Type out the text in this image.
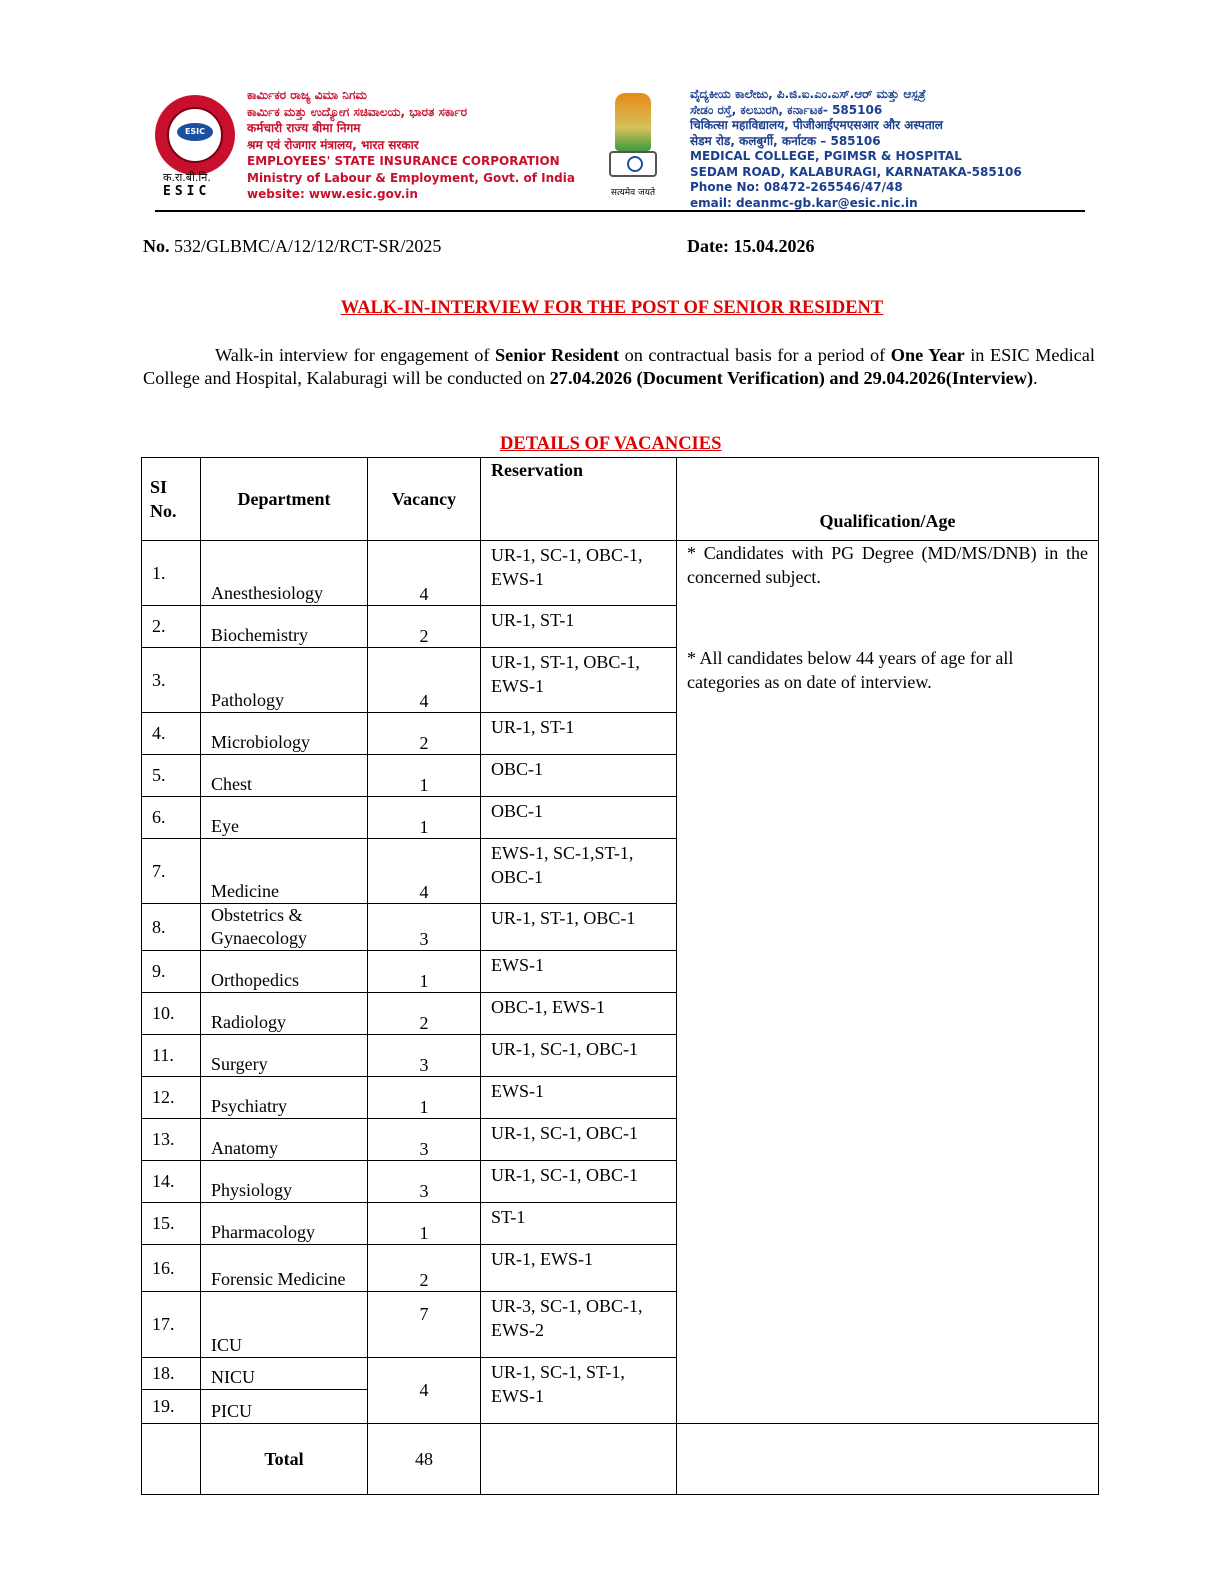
ESIC
क.रा.बी.नि.
ESIC
ಕಾರ್ಮಿಕರ ರಾಜ್ಯ ವಿಮಾ ನಿಗಮ
ಕಾರ್ಮಿಕ ಮತ್ತು ಉದ್ಯೋಗ ಸಚಿವಾಲಯ, ಭಾರತ ಸರ್ಕಾರ
कर्मचारी राज्य बीमा निगम
श्रम एवं रोजगार मंत्रालय, भारत सरकार
EMPLOYEES' STATE INSURANCE CORPORATION
Ministry of Labour & Employment, Govt. of India
website: www.esic.gov.in	सत्यमेव जयते
ವೈದ್ಯಕೀಯ ಕಾಲೇಜು, ಪಿ.ಜಿ.ಐ.ಎಂ.ಎಸ್.ಆರ್ ಮತ್ತು ಆಸ್ಪತ್ರೆ
ಸೇಡಂ ರಸ್ತೆ, ಕಲಬುರಗಿ, ಕರ್ನಾಟಕ- 585106
चिकित्सा महाविद्यालय, पीजीआईएमएसआर और अस्पताल
सेडम रोड, कलबुर्गी, कर्नाटक – 585106
MEDICAL COLLEGE, PGIMSR & HOSPITAL
SEDAM ROAD, KALABURAGI, KARNATAKA-585106
Phone No: 08472-265546/47/48
email: deanmc-gb.kar@esic.nic.in
No. 532/GLBMC/A/12/12/RCT-SR/2025	Date: 15.04.2026
WALK-IN-INTERVIEW FOR THE POST OF SENIOR RESIDENT
Walk-in interview for engagement of Senior Resident on contractual basis for a period of One Year in ESIC Medical College and Hospital, Kalaburagi will be conducted on 27.04.2026 (Document Verification) and 29.04.2026(Interview).
DETAILS OF VACANCIES
SI
No.	Department	Vacancy	Reservation	Qualification/Age
1.	Anesthesiology	4	UR-1, SC-1, OBC-1, EWS-1	* Candidates with PG Degree (MD/MS/DNB) in the concerned subject.
* All candidates below 44 years of age for all categories as on date of interview.

2.	Biochemistry	2	UR-1, ST-1	
3.	Pathology	4	UR-1, ST-1, OBC-1, EWS-1	
4.	Microbiology	2	UR-1, ST-1	
5.	Chest	1	OBC-1	
6.	Eye	1	OBC-1	
7.	Medicine	4	EWS-1, SC-1,ST-1, OBC-1	
8.	Obstetrics & Gynaecology	3	UR-1, ST-1, OBC-1	
9.	Orthopedics	1	EWS-1	
10.	Radiology	2	OBC-1, EWS-1	
11.	Surgery	3	UR-1, SC-1, OBC-1	
12.	Psychiatry	1	EWS-1	
13.	Anatomy	3	UR-1, SC-1, OBC-1	
14.	Physiology	3	UR-1, SC-1, OBC-1	
15.	Pharmacology	1	ST-1	
16.	Forensic Medicine	2	UR-1, EWS-1	
17.	ICU	7	UR-3, SC-1, OBC-1, EWS-2	
18.	NICU	4	UR-1, SC-1, ST-1, EWS-1	
19.	PICU			
	Total	48		
